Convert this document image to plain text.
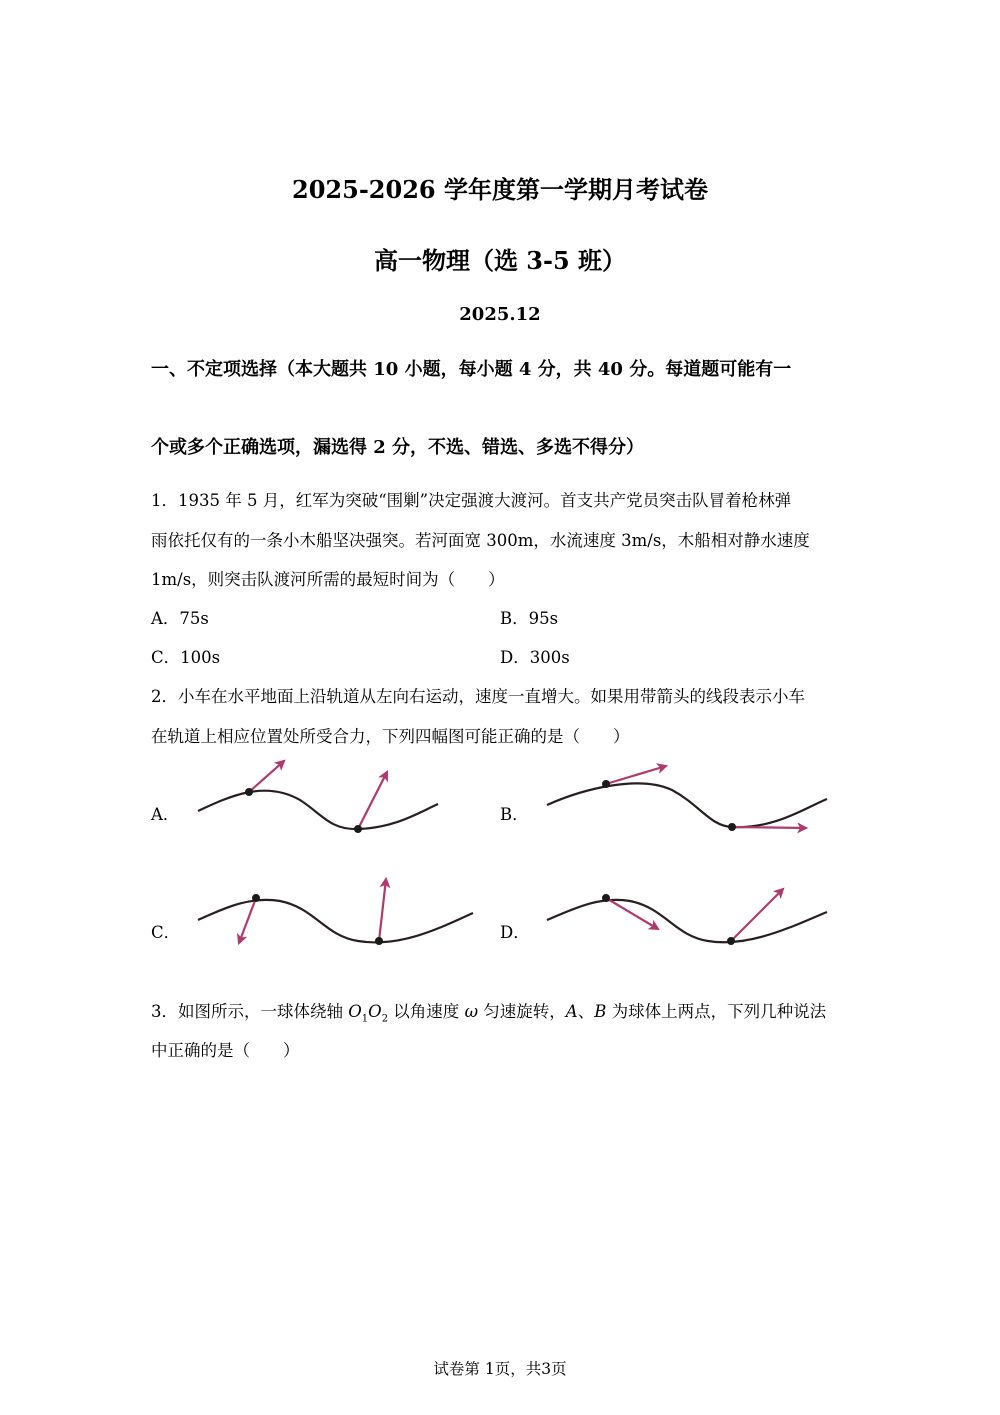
2025-2026 学年度第一学期月考试卷
高一物理（选 3-5 班）
2025.12
一、不定项选择（本大题共 10 小题，每小题 4 分，共 40 分。每道题可能有一
个或多个正确选项，漏选得 2 分，不选、错选、多选不得分）
1．1935 年 5 月，红军为突破“围剿”决定强渡大渡河。首支共产党员突击队冒着枪林弹
雨依托仅有的一条小木船坚决强突。若河面宽 300m，水流速度 3m/s，木船相对静水速度
1m/s，则突击队渡河所需的最短时间为（　　）
A．75s	B．95s
C．100s	D．300s
2．小车在水平地面上沿轨道从左向右运动，速度一直增大。如果用带箭头的线段表示小车
在轨道上相应位置处所受合力，下列四幅图可能正确的是（　　）
A．	B．
C．	D．
3．如图所示，一球体绕轴 $O_1O_2$ 以角速度 ω 匀速旋转，A、B 为球体上两点，下列几种说法
中正确的是（　　）
试卷第 1页，共3页
